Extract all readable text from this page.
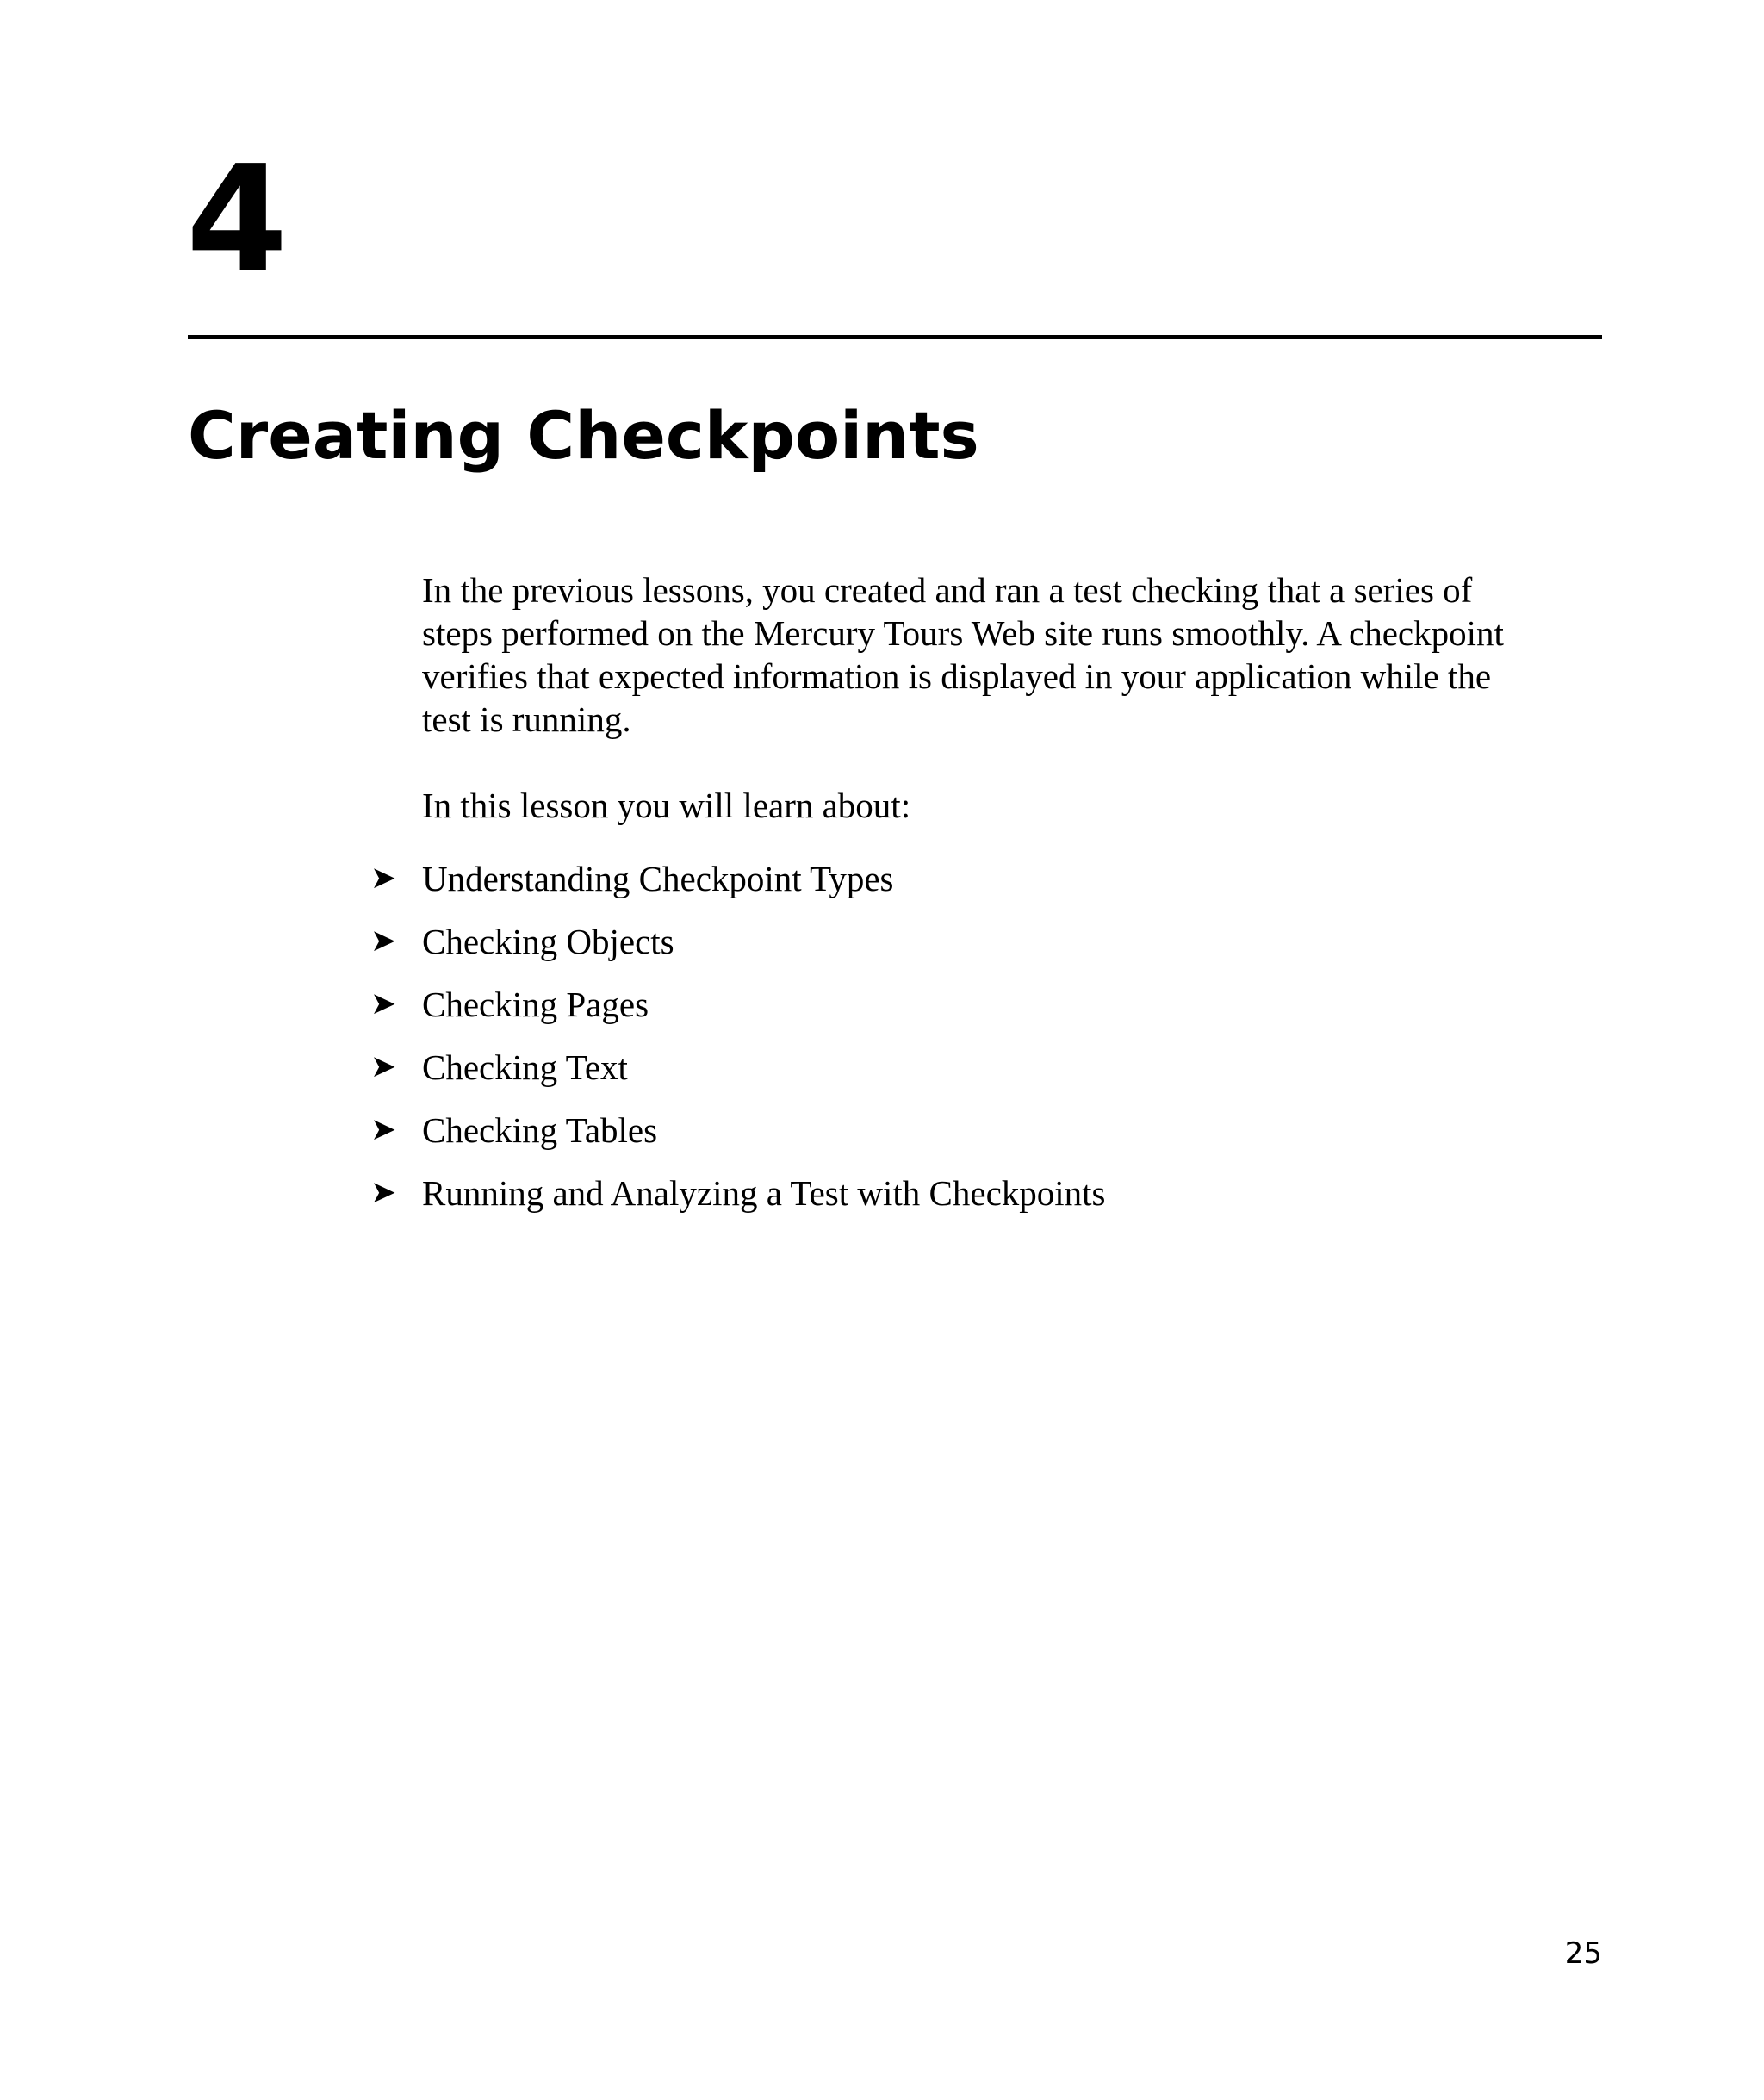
4
Creating Checkpoints

In the previous lessons, you created and ran a test checking that a series of
steps performed on the Mercury Tours Web site runs smoothly. A checkpoint
verifies that expected information is displayed in your application while the
test is running.

In this lesson you will learn about:

➤ Understanding Checkpoint Types
➤ Checking Objects
➤ Checking Pages
➤ Checking Text
➤ Checking Tables
➤ Running and Analyzing a Test with Checkpoints
25
